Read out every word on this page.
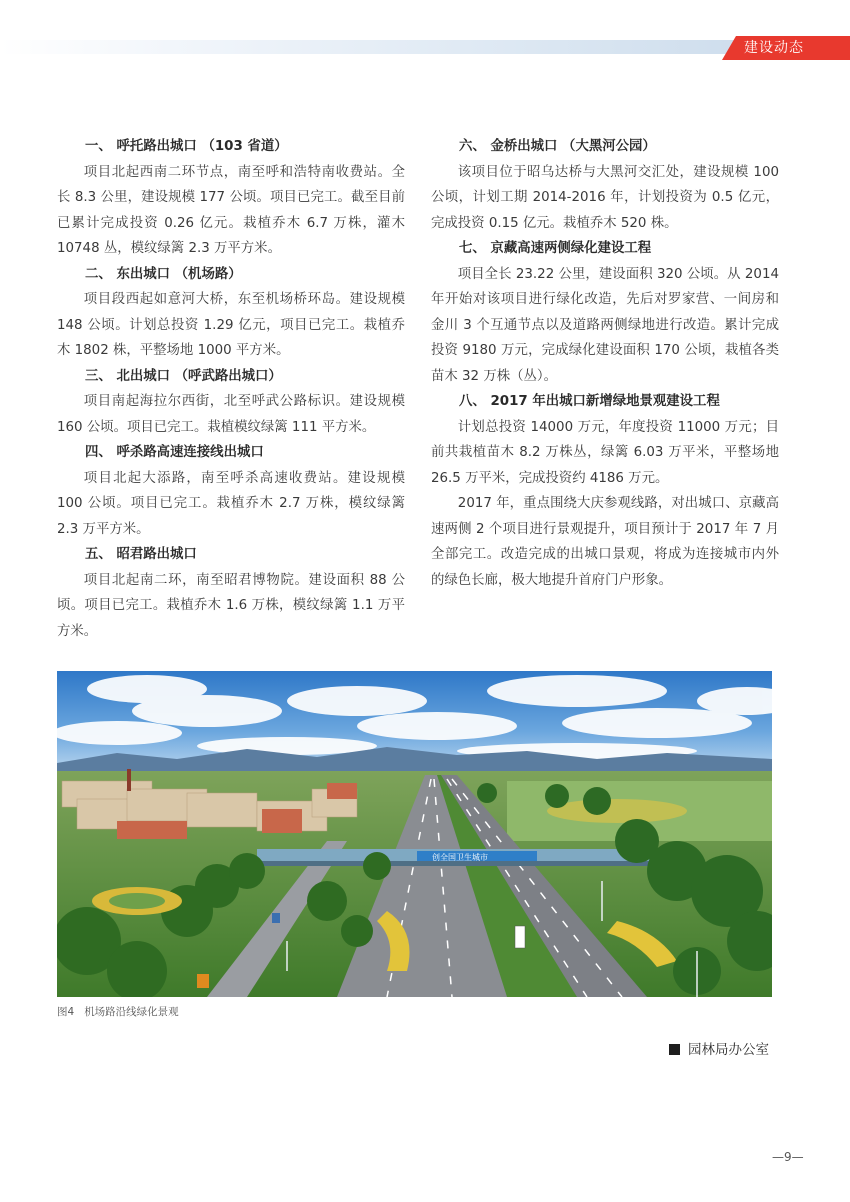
建设动态
一、 呼托路出城口 （103 省道）

项目北起西南二环节点，南至呼和浩特南收费站。全长 8.3 公里，建设规模 177 公顷。项目已完工。截至目前已累计完成投资 0.26 亿元。栽植乔木 6.7 万株，灌木 10748 丛，模纹绿篱 2.3 万平方米。

二、 东出城口 （机场路）

项目段西起如意河大桥，东至机场桥环岛。建设规模 148 公顷。计划总投资 1.29 亿元，项目已完工。栽植乔木 1802 株，平整场地 1000 平方米。

三、 北出城口 （呼武路出城口）

项目南起海拉尔西街，北至呼武公路标识。建设规模 160 公顷。项目已完工。栽植模纹绿篱 111 平方米。

四、 呼杀路高速连接线出城口

项目北起大添路，南至呼杀高速收费站。建设规模 100 公顷。项目已完工。栽植乔木 2.7 万株，模纹绿篱 2.3 万平方米。

五、 昭君路出城口

项目北起南二环，南至昭君博物院。建设面积 88 公顷。项目已完工。栽植乔木 1.6 万株，模纹绿篱 1.1 万平方米。

六、 金桥出城口 （大黑河公园）

该项目位于昭乌达桥与大黑河交汇处，建设规模 100 公顷，计划工期 2014-2016 年，计划投资为 0.5 亿元，完成投资 0.15 亿元。栽植乔木 520 株。

七、 京藏高速两侧绿化建设工程

项目全长 23.22 公里，建设面积 320 公顷。从 2014 年开始对该项目进行绿化改造，先后对罗家营、一间房和金川 3 个互通节点以及道路两侧绿地进行改造。累计完成投资 9180 万元，完成绿化建设面积 170 公顷，栽植各类苗木 32 万株（丛）。

八、 2017 年出城口新增绿地景观建设工程

计划总投资 14000 万元，年度投资 11000 万元；目前共栽植苗木 8.2 万株丛，绿篱 6.03 万平米，平整场地 26.5 万平米，完成投资约 4186 万元。

2017 年，重点围绕大庆参观线路，对出城口、京藏高速两侧 2 个项目进行景观提升，项目预计于 2017 年 7 月全部完工。改造完成的出城口景观，将成为连接城市内外的绿色长廊，极大地提升首府门户形象。

创全国卫生城市
图4 机场路沿线绿化景观
园林局办公室
—9—
